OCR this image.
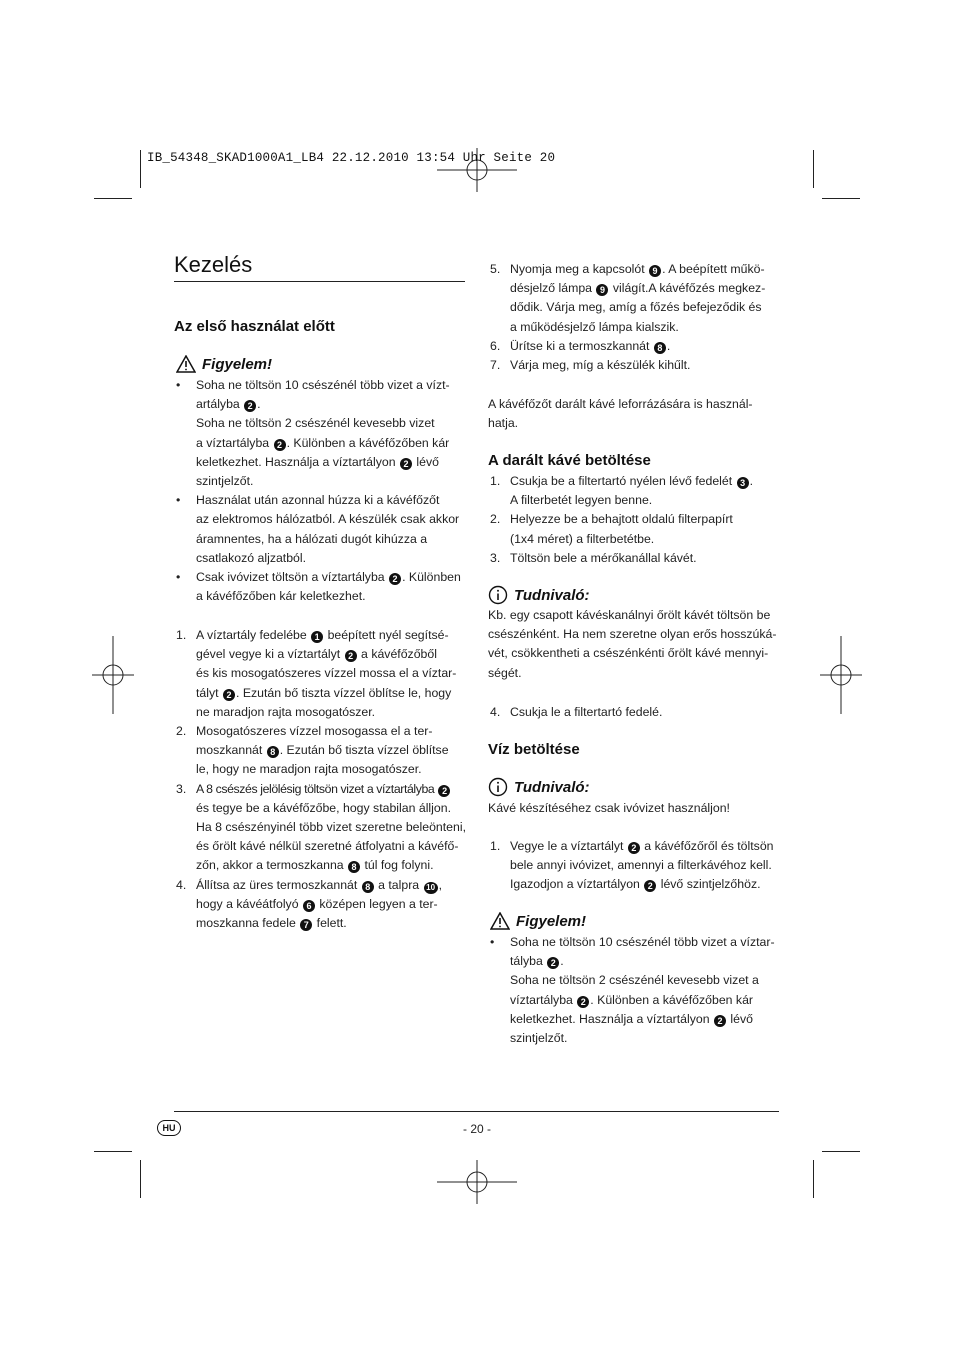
IB_54348_SKAD1000A1_LB4 22.12.2010 13:54 Uhr Seite 20
Kezelés
Az első használat előtt
Figyelem!
• Soha ne töltsön 10 csészénél több vizet a vízt-

artályba 2 .

Soha ne töltsön 2 csészénél kevesebb vizet

a víztartályba 2 . Különben a kávéfőzőben kár

keletkezhet. Használja a víztartályon 2 lévő

szintjelzőt.

• Használat után azonnal húzza ki a kávéfőzőt

az elektromos hálózatból. A készülék csak akkor

áramnentes, ha a hálózati dugót kihúzza a

csatlakozó aljzatból.

• Csak ivóvizet töltsön a víztartályba 2 . Különben

a kávéfőzőben kár keletkezhet.

1. A víztartály fedelébe 1 beépített nyél segítsé-

gével vegye ki a víztartályt 2 a kávéfőzőből

és kis mosogatószeres vízzel mossa el a víztar-

tályt 2 . Ezután bő tiszta vízzel öblítse le, hogy

ne maradjon rajta mosogatószer.

2. Mosogatószeres vízzel mosogassa el a ter-

moszkannát 8 . Ezután bő tiszta vízzel öblítse

le, hogy ne maradjon rajta mosogatószer.

3. A 8 csészés jelölésig töltsön vizet a víztartályba 2

és tegye be a kávéfőzőbe, hogy stabilan álljon.

Ha 8 csészényinél több vizet szeretne beleönteni,

és őrölt kávé nélkül szeretné átfolyatni a kávéfő-

zőn, akkor a termoszkanna 8 túl fog folyni.

4. Állítsa az üres termoszkannát 8 a talpra 10 ,

hogy a kávéátfolyó 6 középen legyen a ter-

moszkanna fedele 7 felett.

5. Nyomja meg a kapcsolót 9 . A beépített műkö-

désjelző lámpa 9 világít.A kávéfőzés megkez-

dődik. Várja meg, amíg a főzés befejeződik és

a működésjelző lámpa kialszik.

6. Ürítse ki a termoszkannát 8 .

7. Várja meg, míg a készülék kihűlt.

A kávéfőzőt darált kávé leforrázására is használ-

hatja.

A darált kávé betöltése
1. Csukja be a filtertartó nyélen lévő fedelét 3 .

A filterbetét legyen benne.

2. Helyezze be a behajtott oldalú filterpapírt

(1x4 méret) a filterbetétbe.

3. Töltsön bele a mérőkanállal kávét.

Tudnivaló:

Kb. egy csapott kávéskanálnyi őrölt kávét töltsön be

csészénként. Ha nem szeretne olyan erős hosszúká-

vét, csökkentheti a csészénkénti őrölt kávé mennyi-

ségét.

4. Csukja le a filtertartó fedelé.

Víz betöltése
Tudnivaló:

Kávé készítéséhez csak ivóvizet használjon!

1. Vegye le a víztartályt 2 a kávéfőzőről és töltsön

bele annyi ivóvizet, amennyi a filterkávéhoz kell.

Igazodjon a víztartályon 2 lévő szintjelzőhöz.

Figyelem!
• Soha ne töltsön 10 csészénél több vizet a víztar-

tályba 2 .

Soha ne töltsön 2 csészénél kevesebb vizet a

víztartályba 2 . Különben a kávéfőzőben kár

keletkezhet. Használja a víztartályon 2 lévő

szintjelzőt.

HU	- 20 -
